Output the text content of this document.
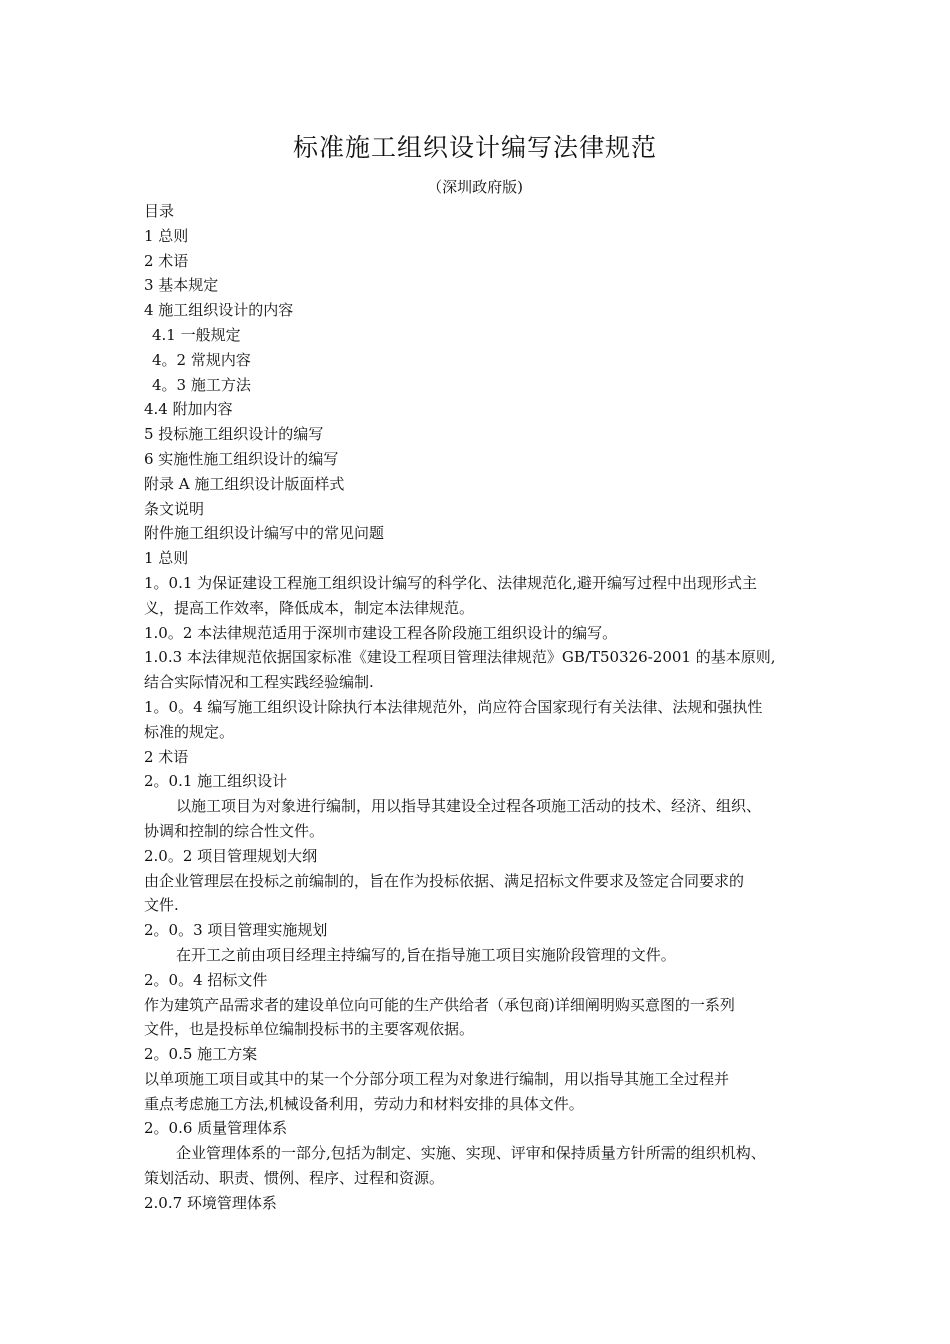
标准施工组织设计编写法律规范
（深圳政府版)
目录
1 总则
2 术语
3 基本规定
4 施工组织设计的内容
4.1 一般规定
4。2 常规内容
4。3 施工方法
4.4 附加内容
5 投标施工组织设计的编写
6 实施性施工组织设计的编写
附录 A 施工组织设计版面样式
条文说明
附件施工组织设计编写中的常见问题
1 总则
1。0.1 为保证建设工程施工组织设计编写的科学化、法律规范化,避开编写过程中出现形式主
义，提高工作效率，降低成本，制定本法律规范。
1.0。2 本法律规范适用于深圳市建设工程各阶段施工组织设计的编写。
1.0.3 本法律规范依据国家标准《建设工程项目管理法律规范》GB/T50326-2001 的基本原则,
结合实际情况和工程实践经验编制.
1。0。4 编写施工组织设计除执行本法律规范外，尚应符合国家现行有关法律、法规和强执性
标准的规定。
2 术语
2。0.1 施工组织设计
以施工项目为对象进行编制，用以指导其建设全过程各项施工活动的技术、经济、组织、
协调和控制的综合性文件。
2.0。2 项目管理规划大纲
由企业管理层在投标之前编制的，旨在作为投标依据、满足招标文件要求及签定合同要求的
文件.
2。0。3 项目管理实施规划
在开工之前由项目经理主持编写的,旨在指导施工项目实施阶段管理的文件。
2。0。4 招标文件
作为建筑产品需求者的建设单位向可能的生产供给者（承包商)详细阐明购买意图的一系列
文件，也是投标单位编制投标书的主要客观依据。
2。0.5 施工方案
以单项施工项目或其中的某一个分部分项工程为对象进行编制，用以指导其施工全过程并
重点考虑施工方法,机械设备利用，劳动力和材料安排的具体文件。
2。0.6 质量管理体系
企业管理体系的一部分,包括为制定、实施、实现、评审和保持质量方针所需的组织机构、
策划活动、职责、惯例、程序、过程和资源。
2.0.7 环境管理体系
